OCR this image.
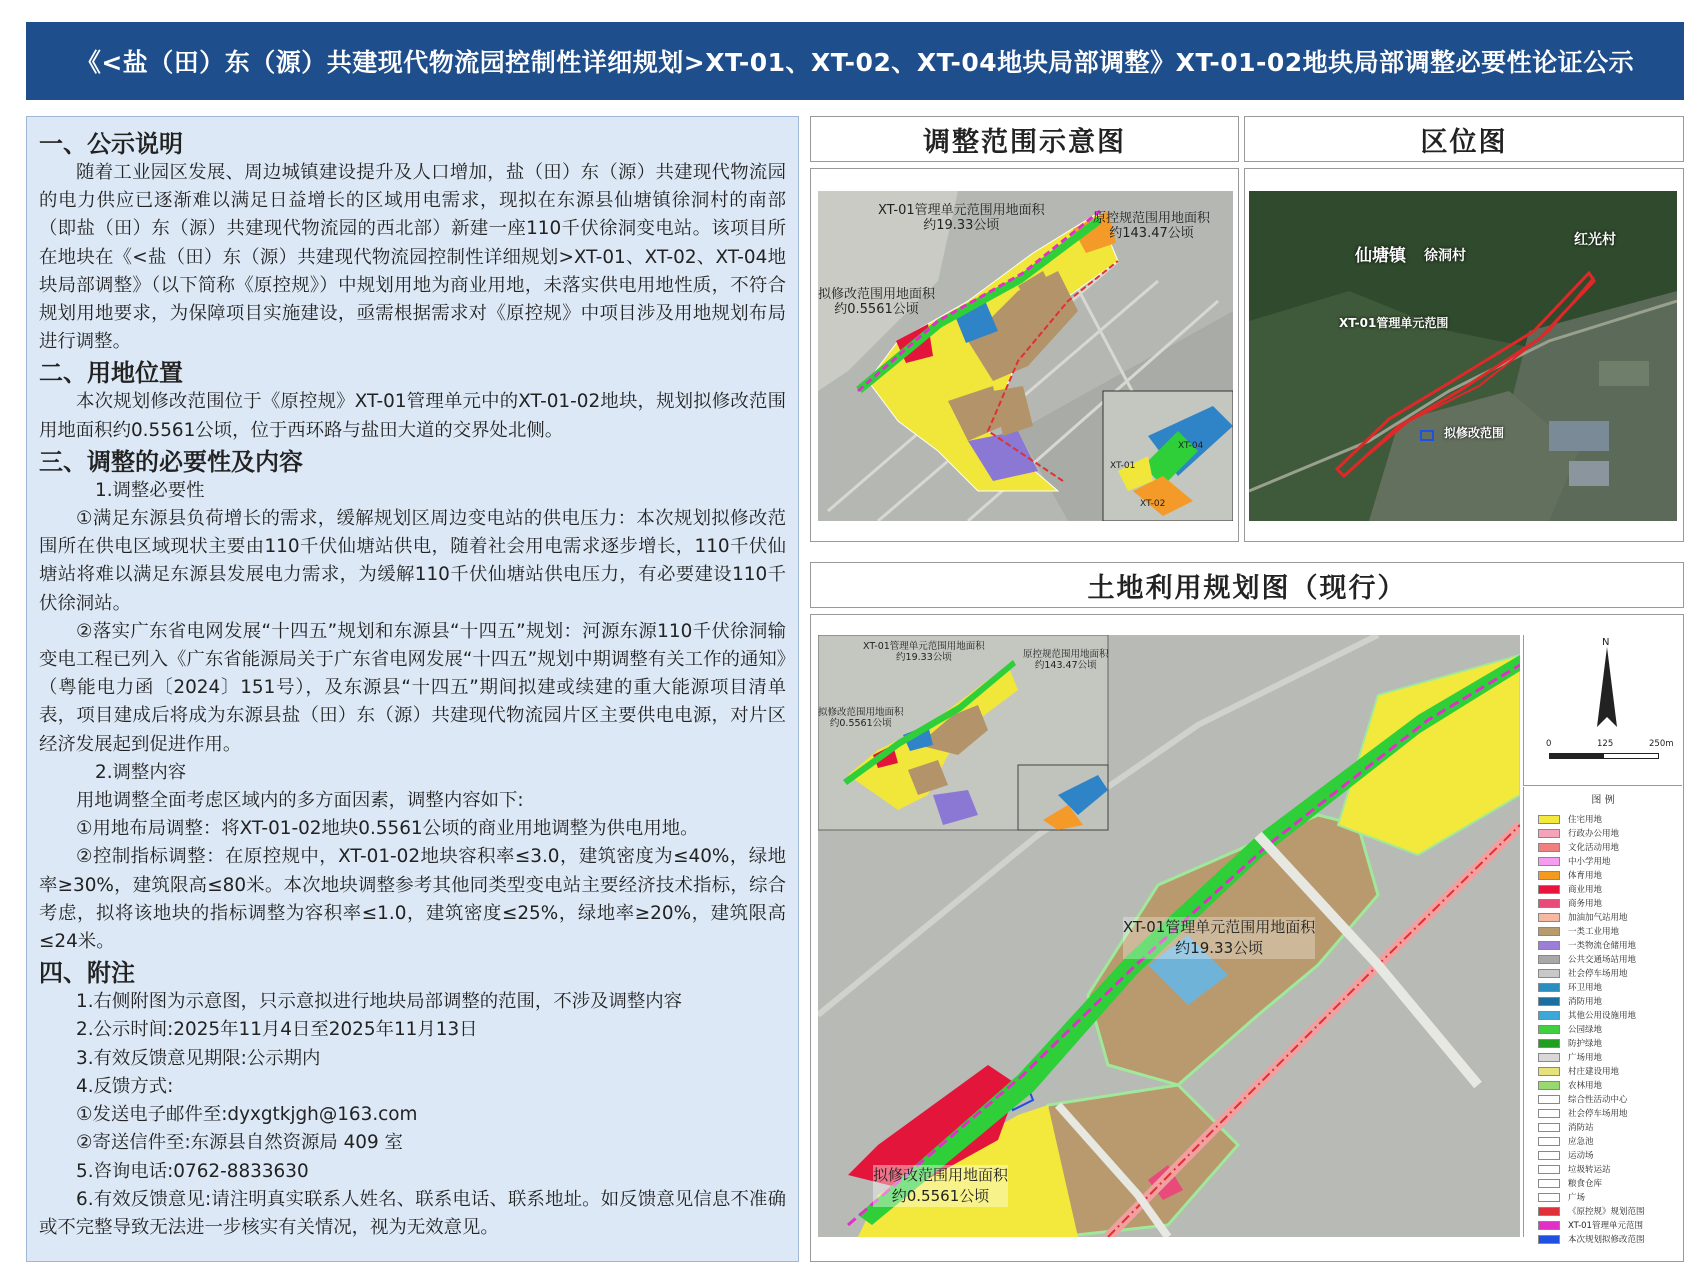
《<盐（田）东（源）共建现代物流园控制性详细规划>XT-01、XT-02、XT-04地块局部调整》XT-01-02地块局部调整必要性论证公示
一、公示说明

随着工业园区发展、周边城镇建设提升及人口增加，盐（田）东（源）共建现代物流园的电力供应已逐渐难以满足日益增长的区域用电需求，现拟在东源县仙塘镇徐洞村的南部（即盐（田）东（源）共建现代物流园的西北部）新建一座110千伏徐洞变电站。该项目所在地块在《<盐（田）东（源）共建现代物流园控制性详细规划>XT-01、XT-02、XT-04地块局部调整》（以下简称《原控规》）中规划用地为商业用地，未落实供电用地性质，不符合规划用地要求，为保障项目实施建设，亟需根据需求对《原控规》中项目涉及用地规划布局进行调整。

二、用地位置

本次规划修改范围位于《原控规》XT-01管理单元中的XT-01-02地块，规划拟修改范围用地面积约0.5561公顷，位于西环路与盐田大道的交界处北侧。

三、调整的必要性及内容

1.调整必要性

①满足东源县负荷增长的需求，缓解规划区周边变电站的供电压力：本次规划拟修改范围所在供电区域现状主要由110千伏仙塘站供电，随着社会用电需求逐步增长，110千伏仙塘站将难以满足东源县发展电力需求，为缓解110千伏仙塘站供电压力，有必要建设110千伏徐洞站。

②落实广东省电网发展“十四五”规划和东源县“十四五”规划：河源东源110千伏徐洞输变电工程已列入《广东省能源局关于广东省电网发展“十四五”规划中期调整有关工作的通知》（粤能电力函〔2024〕151号），及东源县“十四五”期间拟建或续建的重大能源项目清单表，项目建成后将成为东源县盐（田）东（源）共建现代物流园片区主要供电电源，对片区经济发展起到促进作用。

2.调整内容

用地调整全面考虑区域内的多方面因素，调整内容如下:

①用地布局调整：将XT-01-02地块0.5561公顷的商业用地调整为供电用地。

②控制指标调整：在原控规中，XT-01-02地块容积率≤3.0，建筑密度为≤40%，绿地率≥30%，建筑限高≤80米。本次地块调整参考其他同类型变电站主要经济技术指标，综合考虑，拟将该地块的指标调整为容积率≤1.0，建筑密度≤25%，绿地率≥20%，建筑限高≤24米。

四、附注

1.右侧附图为示意图，只示意拟进行地块局部调整的范围，不涉及调整内容

2.公示时间:2025年11月4日至2025年11月13日

3.有效反馈意见期限:公示期内

4.反馈方式:

①发送电子邮件至:dyxgtkjgh@163.com

②寄送信件至:东源县自然资源局 409 室

5.咨询电话:0762-8833630

6.有效反馈意见:请注明真实联系人姓名、联系电话、联系地址。如反馈意见信息不准确或不完整导致无法进一步核实有关情况，视为无效意见。

调整范围示意图	区位图
XT-01管理单元范围用地面积
约19.33公顷	原控规范围用地面积
约143.47公顷
拟修改范围用地面积
约0.5561公顷
XT-04
XT-01
XT-02
仙塘镇 徐洞村
红光村
XT-01管理单元范围
拟修改范围
土地利用规划图（现行）
XT-01管理单元范围用地面积
约19.33公顷	原控规范围用地面积
约143.47公顷
拟修改范围用地面积
约0.5561公顷
XT-01管理单元范围用地面积
约19.33公顷
拟修改范围用地面积
约0.5561公顷
N
0	125	250m
图 例
住宅用地
行政办公用地
文化活动用地
中小学用地
体育用地
商业用地
商务用地
加油加气站用地
一类工业用地
一类物流仓储用地
公共交通场站用地
社会停车场用地
环卫用地
消防用地
其他公用设施用地
公园绿地
防护绿地
广场用地
村庄建设用地
农林用地
综合性活动中心
社会停车场用地
消防站
应急池
运动场
垃圾转运站
粮食仓库
广场
《原控规》规划范围
XT-01管理单元范围
本次规划拟修改范围
